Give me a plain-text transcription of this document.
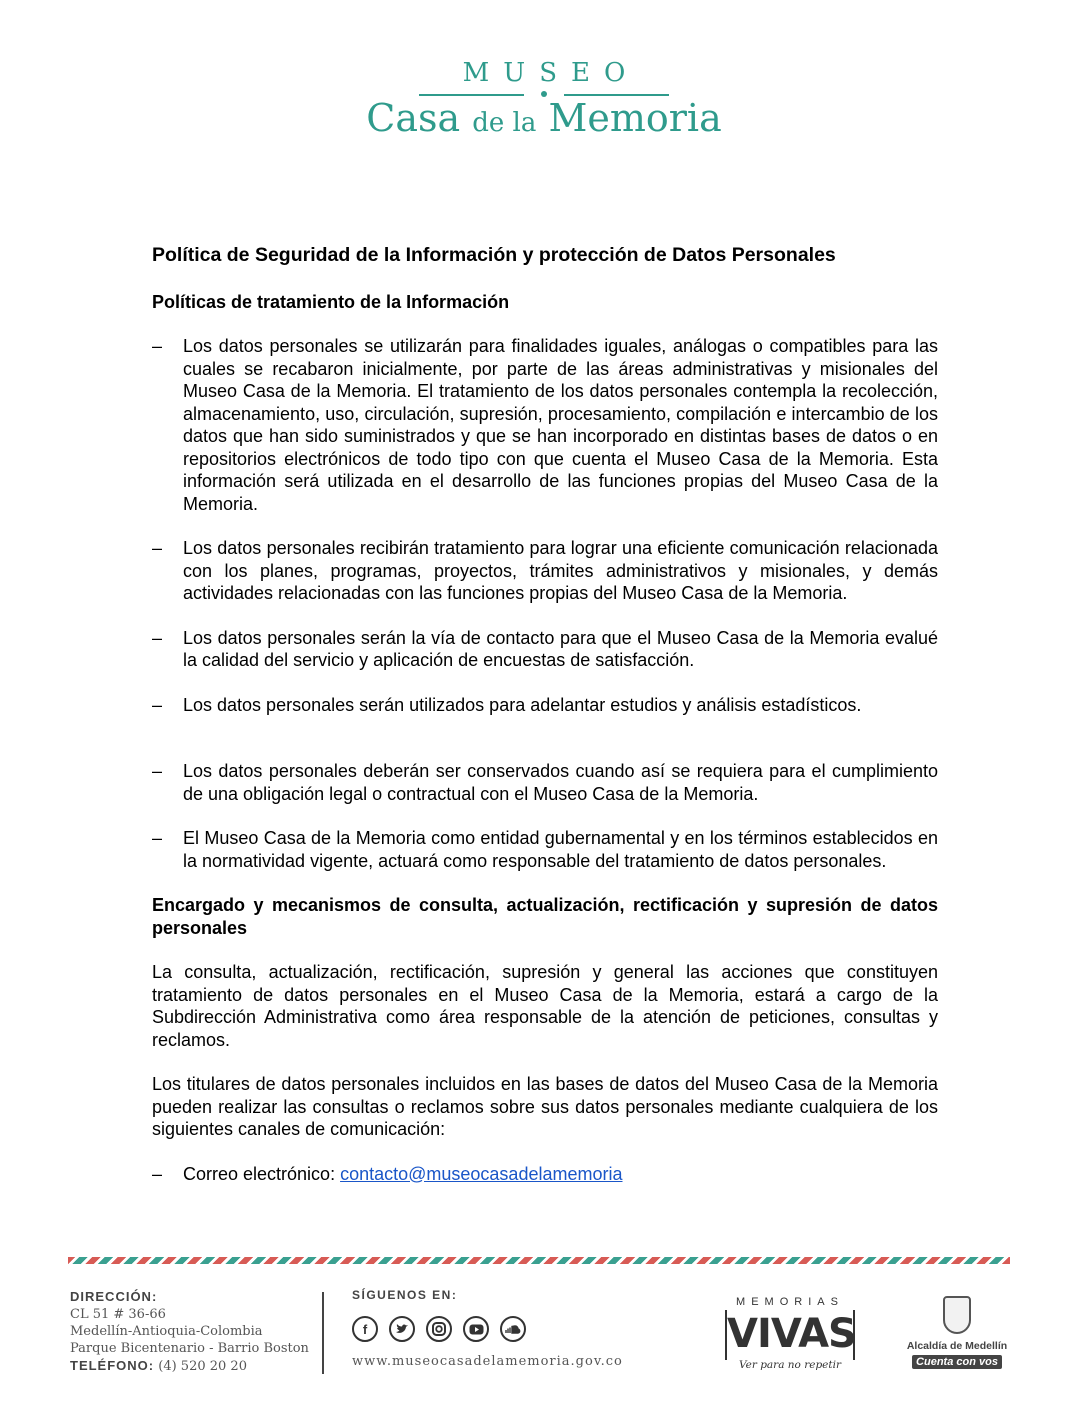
MUSEO
Casa de la Memoria
Política de Seguridad de la Información y protección de Datos Personales
Políticas de tratamiento de la Información
– Los datos personales se utilizarán para finalidades iguales, análogas o compatibles para las cuales se recabaron inicialmente, por parte de las áreas administrativas y misionales del Museo Casa de la Memoria. El tratamiento de los datos personales contempla la recolección, almacenamiento, uso, circulación, supresión, procesamiento, compilación e intercambio de los datos que han sido suministrados y que se han incorporado en distintas bases de datos o en repositorios electrónicos de todo tipo con que cuenta el Museo Casa de la Memoria. Esta información será utilizada en el desarrollo de las funciones propias del Museo Casa de la Memoria.
– Los datos personales recibirán tratamiento para lograr una eficiente comunicación relacionada con los planes, programas, proyectos, trámites administrativos y misionales, y demás actividades relacionadas con las funciones propias del Museo Casa de la Memoria.
– Los datos personales serán la vía de contacto para que el Museo Casa de la Memoria evalué la calidad del servicio y aplicación de encuestas de satisfacción.
– Los datos personales serán utilizados para adelantar estudios y análisis estadísticos.
– Los datos personales deberán ser conservados cuando así se requiera para el cumplimiento de una obligación legal o contractual con el Museo Casa de la Memoria.
– El Museo Casa de la Memoria como entidad gubernamental y en los términos establecidos en la normatividad vigente, actuará como responsable del tratamiento de datos personales.
Encargado y mecanismos de consulta, actualización, rectificación y supresión de datos personales

La consulta, actualización, rectificación, supresión y general las acciones que constituyen tratamiento de datos personales en el Museo Casa de la Memoria, estará a cargo de la Subdirección Administrativa como área responsable de la atención de peticiones, consultas y reclamos.

Los titulares de datos personales incluidos en las bases de datos del Museo Casa de la Memoria pueden realizar las consultas o reclamos sobre sus datos personales mediante cualquiera de los siguientes canales de comunicación:

– Correo electrónico: contacto@museocasadelamemoria
DIRECCIÓN:
CL 51 # 36-66
Medellín-Antioquia-Colombia
Parque Bicentenario - Barrio Boston
TELÉFONO: (4) 520 20 20
SÍGUENOS EN:
f
www.museocasadelamemoria.gov.co
MEMORIAS
VIVAS
Ver para no repetir
Alcaldía de Medellín
Cuenta con vos
